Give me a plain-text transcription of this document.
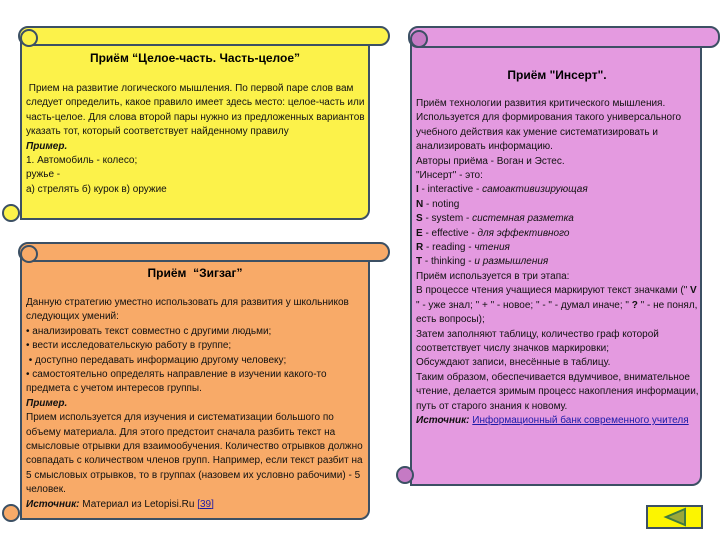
Приём “Целое-часть. Часть-целое”

Прием на развитие логического мышления. По первой паре слов вам следует определить, какое правило имеет здесь место: целое-часть или часть-целое. Для слова второй пары нужно из предложенных вариантов указать тот, который соответствует найденному правилу

Пример.

1. Автомобиль - колесо;

ружье -

а) стрелять б) курок в) оружие

Приём  “Зигзаг”

Данную стратегию уместно использовать для развития у школьников следующих умений:

• анализировать текст совместно с другими людьми;

• вести исследовательскую работу в группе;

• доступно передавать информацию другому человеку;

• самостоятельно определять направление в изучении какого-то предмета с учетом интересов группы.

Пример.

Прием используется для изучения и систематизации большого по объему материала. Для этого предстоит сначала разбить текст на смысловые отрывки для взаимообучения. Количество отрывков должно совпадать с количеством членов групп. Например, если текст разбит на 5 смысловых отрывков, то в группах (назовем их условно рабочими) - 5 человек.

Источник: Материал из Letopisi.Ru [39]

Приём "Инсерт".

Приём технологии развития критического мышления. Используется для формирования такого универсального учебного действия как умение систематизировать и анализировать информацию.

Авторы приёма - Воган и Эстес.

"Инсерт" - это:

I - interactive - самоактивизирующая

N - noting

S - system - системная разметка

E - effective - для эффективного

R - reading - чтения

T - thinking - и размышления

Приём используется в три этапа:

В процессе чтения учащиеся маркируют текст значками (" V " - уже знал; " + " - новое; " - " - думал иначе; " ? " - не понял, есть вопросы);

Затем заполняют таблицу, количество граф которой соответствует числу значков маркировки;

Обсуждают записи, внесённые в таблицу.

Таким образом, обеспечивается вдумчивое, внимательное чтение, делается зримым процесс накопления информации, путь от старого знания к новому.

Источник: Информационный банк современного учителя
